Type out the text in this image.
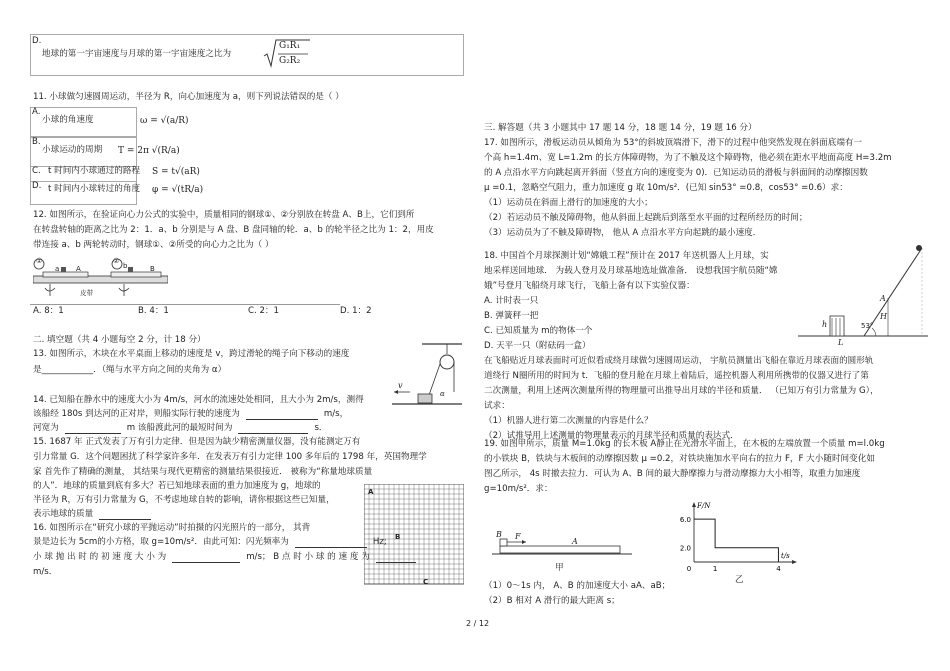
D.
地球的第一宇宙速度与月球的第一宇宙速度之比为
G₁R₁
G₂R₂
11. 小球做匀速圆周运动，半径为 R，向心加速度为 a，则下列说法错误的是（ ）
A.
小球的角速度	ω = √(a/R)
B.
小球运动的周期 T = 2π √(R/a)
C. t 时间内小球通过的路程 S = t√(aR)
D. t 时间内小球转过的角度 φ = √(tR/a)
12. 如图所示，在验证向心力公式的实验中，质量相同的钢球①、②分别放在转盘 A、B上，它们到所
在转盘转轴的距离之比为 2：1．a、b 分别是与 A 盘、B 盘同轴的轮．a、b 的轮半径之比为 1：2，用皮
带连接 a、b 两轮转动时，钢球①、②所受的向心力之比为（ ）
①	②
a A	b	B
皮带
A. 8：1	B. 4：1	C. 2：1	D. 1：2
二. 填空题（共 4 小题每空 2 分，计 18 分）
13. 如图所示，木块在水平桌面上移动的速度是 v，跨过滑轮的绳子向下移动的速度
是____________．（绳与水平方向之间的夹角为 α）
v
α
14. 已知船在静水中的速度大小为 4m/s，河水的流速处处相同，且大小为 2m/s，测得
该船经 180s 到达河的正对岸，则船实际行驶的速度为	m/s，
河宽为	m 该船渡此河的最短时间为	s．
15. 1687 年 正式发表了万有引力定律．但是因为缺少精密测量仪器，没有能测定万有
引力常量 G．这个问题困扰了科学家许多年．在发表万有引力定律 100 多年后的 1798 年，英国物理学
家 首先作了精确的测量， 其结果与现代更精密的测量结果很接近． 被称为“称量地球质量
的人”．地球的质量到底有多大？若已知地球表面的重力加速度为 g，地球的
半径为 R，万有引力常量为 G，不考虑地球自转的影响，请你根据这些已知量，
表示地球的质量
16. 如图所示在“研究小球的平抛运动”时拍摄的闪光照片的一部分， 其背
景是边长为 5cm的小方格，取 g=10m/s²．由此可知：闪光频率为	Hz;
小 球 抛 出 时 的 初 速 度 大 小 为	m/s； B 点 时 小 球 的 速 度 为
m/s．
A
B
C
三. 解答题（共 3 小题其中 17 题 14 分，18 题 14 分，19 题 16 分）
17. 如图所示，滑板运动员从倾角为 53°的斜坡顶端滑下，滑下的过程中他突然发现在斜面底端有一
个高 h=1.4m、宽 L=1.2m 的长方体障碍物，为了不触及这个障碍物，他必须在距水平地面高度 H=3.2m
的 A 点沿水平方向跳起离开斜面（竖直方向的速度变为 0)．已知运动员的滑板与斜面间的动摩擦因数
μ =0.1，忽略空气阻力，重力加速度 g 取 10m/s²．(已知 sin53° =0.8，cos53° =0.6）求：
（1）运动员在斜面上滑行的加速度的大小；
（2）若运动员不触及障碍物，他从斜面上起跳后到落至水平面的过程所经历的时间；
（3）运动员为了不触及障碍物， 他从 A 点沿水平方向起跳的最小速度．
A
H
h
L
53°
18. 中国首个月球探测计划“嫦娥工程”预计在 2017 年送机器人上月球，实
地采样送回地球． 为载人登月及月球基地选址做准备． 设想我国宇航员随“嫦
娥”号登月飞船绕月球飞行，飞船上备有以下实验仪器：
A. 计时表一只
B. 弹簧秤一把
C. 已知质量为 m的物体一个
D. 天平一只（附砝码一盒）
在飞船贴近月球表面时可近似看成绕月球做匀速圆周运动， 宇航员测量出飞船在靠近月球表面的圆形轨
道绕行 N圈所用的时间为 t．飞船的登月舱在月球上着陆后，遥控机器人利用所携带的仪器又进行了第
二次测量，利用上述两次测量所得的物理量可出推导出月球的半径和质量． （已知万有引力常量为 G），
试求：
（1）机器人进行第二次测量的内容是什么？
（2）试推导用上述测量的物理量表示的月球半径和质量的表达式．
19. 如图甲所示，质量 M=1.0kg 的长木板 A静止在光滑水平面上，在木板的左端放置一个质量 m=l.0kg
的小铁块 B，铁块与木板间的动摩擦因数 μ =0.2，对铁块施加水平向右的拉力 F，F 大小随时间变化如
图乙所示， 4s 时撤去拉力．可认为 A、B 间的最大静摩擦力与滑动摩擦力大小相等，取重力加速度
g=10m/s²．求：
B F
A
甲
6.0
2.0
0	1	4
F/N
t/s
乙
（1）0～1s 内， A、B 的加速度大小 aA、aB；
（2）B 相对 A 滑行的最大距离 s；
2 / 12
